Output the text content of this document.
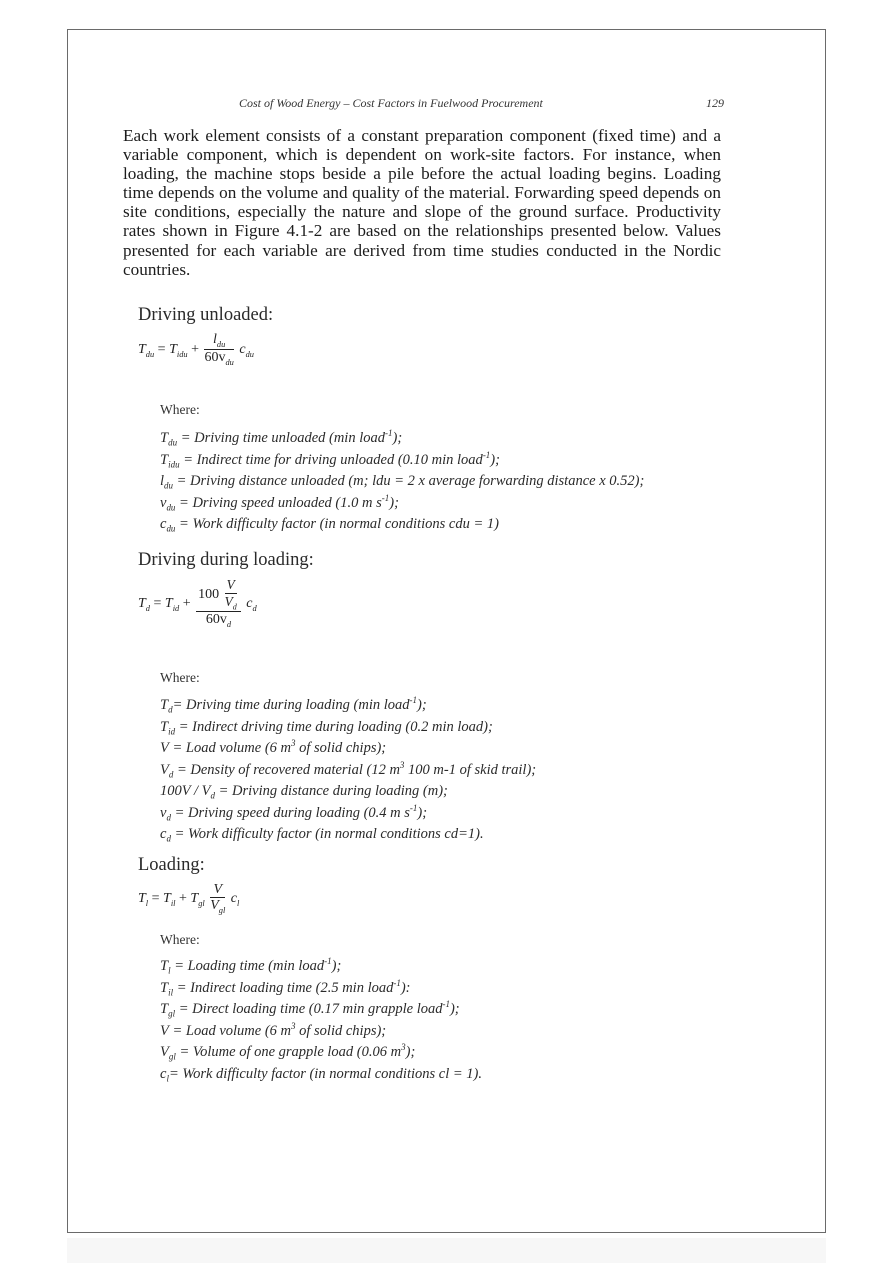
Cost of Wood Energy – Cost Factors in Fuelwood Procurement	129

Each work element consists of a constant preparation component (fixed time) and a variable component, which is dependent on work-site factors. For instance, when loading, the machine stops beside a pile before the actual loading begins. Loading time depends on the volume and quality of the material. Forwarding speed depends on site conditions, especially the nature and slope of the ground surface. Productivity rates shown in Figure 4.1-2 are based on the relationships presented below. Values presented for each variable are derived from time studies conducted in the Nordic countries.

Driving unloaded:
$T_{du} = T_{idu} + \frac{l_{du}}{60v_{du}} c_{du}$
Where:
$T_{du}$ = Driving time unloaded (min load$^{-1}$);
$T_{idu}$ = Indirect time for driving unloaded (0.10 min load$^{-1}$);
$l_{du}$ = Driving distance unloaded (m; ldu = 2 x average forwarding distance x 0.52);
$v_{du}$ = Driving speed unloaded (1.0 m $s^{-1}$);
$c_{du}$ = Work difficulty factor (in normal conditions cdu = 1)
Driving during loading:
$T_d = T_{id} + \frac{100 \frac{V}{V_d}}{60v_d} c_d$
Where:
$T_d=$ Driving time during loading (min load$^{-1}$);
$T_{id}$ = Indirect driving time during loading (0.2 min load);
V = Load volume (6 $m^3$ of solid chips);
$V_d$ = Density of recovered material (12 $m^3$ 100 m-1 of skid trail);
$100V / V_d$ = Driving distance during loading (m);
$v_d$ = Driving speed during loading (0.4 m $s^{-1}$);
$c_d$ = Work difficulty factor (in normal conditions cd=1).
Loading:
$T_l = T_{il} + T_{gl} \frac{V}{V_{gl}} c_l$
Where:
$T_l$ = Loading time (min load$^{-1}$);
$T_{il}$ = Indirect loading time (2.5 min load$^{-1}$):
$T_{gl}$ = Direct loading time (0.17 min grapple load$^{-1}$);
V = Load volume (6 $m^3$ of solid chips);
$V_{gl}$ = Volume of one grapple load (0.06 $m^3$);
$c_l=$ Work difficulty factor (in normal conditions cl = 1).
